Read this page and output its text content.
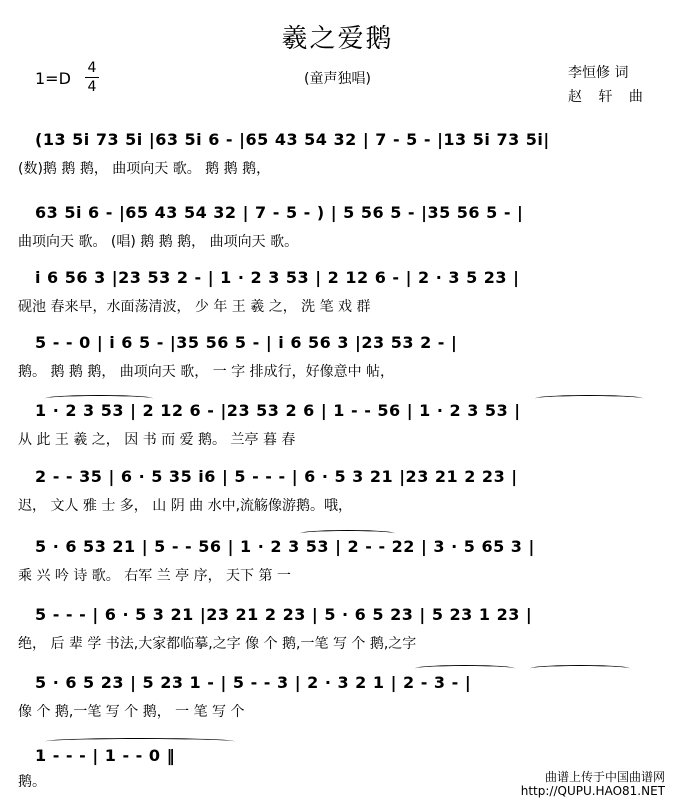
羲之爱鹅
1=D
4
4	(童声独唱)	李恒修 词
赵 轩 曲
(13 5i 73 5i |63 5i 6 - |65 43 54 32 | 7 - 5 - |13 5i 73 5i|
(数)鹅 鹅 鹅， 曲项向天 歌。 鹅 鹅 鹅，
63 5i 6 - |65 43 54 32 | 7 - 5 - ) | 5 56 5 - |35 56 5 - |
曲项向天 歌。 (唱) 鹅 鹅 鹅， 曲项向天 歌。
i 6 56 3 |23 53 2 - | 1 · 2 3 53 | 2 12 6 - | 2 · 3 5 23 |
砚池 春来早，水面荡清波， 少 年 王 羲 之， 洗 笔 戏 群
5 - - 0 | i 6 5 - |35 56 5 - | i 6 56 3 |23 53 2 - |
鹅。 鹅 鹅 鹅， 曲项向天 歌， 一 字 排成行，好像意中 帖，
1 · 2 3 53 | 2 12 6 - |23 53 2 6 | 1 - - 56 | 1 · 2 3 53 |
从 此 王 羲 之， 因 书 而 爱 鹅。 兰亭 暮 春
2 - - 35 | 6 · 5 35 i6 | 5 - - - | 6 · 5 3 21 |23 21 2 23 |
迟， 文人 雅 士 多， 山 阴 曲 水中,流觞像游鹅。哦，
5 · 6 53 21 | 5 - - 56 | 1 · 2 3 53 | 2 - - 22 | 3 · 5 65 3 |
乘 兴 吟 诗 歌。 右军 兰 亭 序， 天下 第 一
5 - - - | 6 · 5 3 21 |23 21 2 23 | 5 · 6 5 23 | 5 23 1 23 |
绝， 后 辈 学 书法,大家都临摹,之字 像 个 鹅,一笔 写 个 鹅,之字
5 · 6 5 23 | 5 23 1 - | 5 - - 3 | 2 · 3 2 1 | 2 - 3 - |
像 个 鹅,一笔 写 个 鹅， 一 笔 写 个
1 - - - | 1 - - 0 ‖
鹅。	曲谱上传于中国曲谱网
http://QUPU.HAO81.NET
